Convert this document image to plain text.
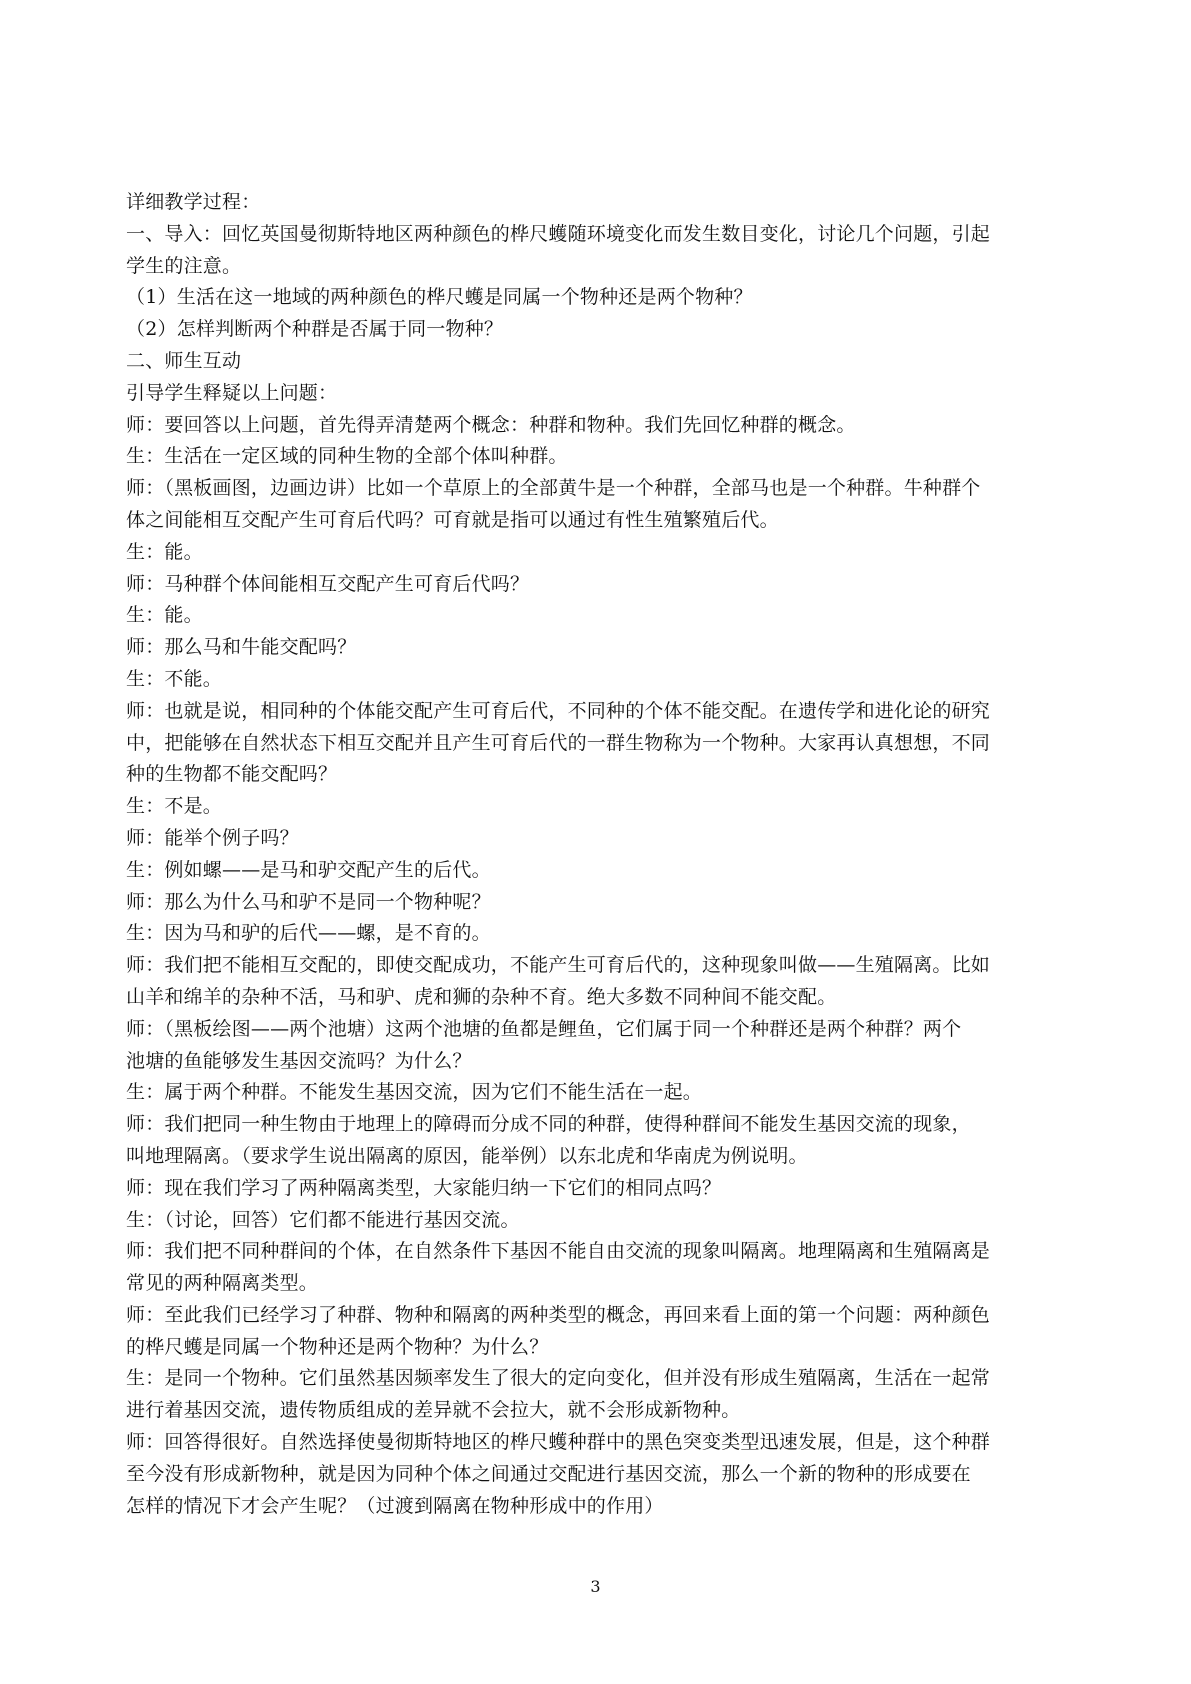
详细教学过程：
一、导入：回忆英国曼彻斯特地区两种颜色的桦尺蠖随环境变化而发生数目变化，讨论几个问题，引起
学生的注意。
（1）生活在这一地域的两种颜色的桦尺蠖是同属一个物种还是两个物种？
（2）怎样判断两个种群是否属于同一物种？
二、师生互动
引导学生释疑以上问题：
师：要回答以上问题，首先得弄清楚两个概念：种群和物种。我们先回忆种群的概念。
生：生活在一定区域的同种生物的全部个体叫种群。
师：（黑板画图，边画边讲）比如一个草原上的全部黄牛是一个种群，全部马也是一个种群。牛种群个
体之间能相互交配产生可育后代吗？可育就是指可以通过有性生殖繁殖后代。
生：能。
师：马种群个体间能相互交配产生可育后代吗？
生：能。
师：那么马和牛能交配吗？
生：不能。
师：也就是说，相同种的个体能交配产生可育后代，不同种的个体不能交配。在遗传学和进化论的研究
中，把能够在自然状态下相互交配并且产生可育后代的一群生物称为一个物种。大家再认真想想，不同
种的生物都不能交配吗？
生：不是。
师：能举个例子吗？
生：例如螺——是马和驴交配产生的后代。
师：那么为什么马和驴不是同一个物种呢？
生：因为马和驴的后代——螺，是不育的。
师：我们把不能相互交配的，即使交配成功，不能产生可育后代的，这种现象叫做——生殖隔离。比如
山羊和绵羊的杂种不活，马和驴、虎和狮的杂种不育。绝大多数不同种间不能交配。
师：（黑板绘图——两个池塘）这两个池塘的鱼都是鲤鱼，它们属于同一个种群还是两个种群？两个
池塘的鱼能够发生基因交流吗？为什么？
生：属于两个种群。不能发生基因交流，因为它们不能生活在一起。
师：我们把同一种生物由于地理上的障碍而分成不同的种群，使得种群间不能发生基因交流的现象，
叫地理隔离。（要求学生说出隔离的原因，能举例）以东北虎和华南虎为例说明。
师：现在我们学习了两种隔离类型，大家能归纳一下它们的相同点吗？
生：（讨论，回答）它们都不能进行基因交流。
师：我们把不同种群间的个体，在自然条件下基因不能自由交流的现象叫隔离。地理隔离和生殖隔离是
常见的两种隔离类型。
师：至此我们已经学习了种群、物种和隔离的两种类型的概念，再回来看上面的第一个问题：两种颜色
的桦尺蠖是同属一个物种还是两个物种？为什么？
生：是同一个物种。它们虽然基因频率发生了很大的定向变化，但并没有形成生殖隔离，生活在一起常
进行着基因交流，遗传物质组成的差异就不会拉大，就不会形成新物种。
师：回答得很好。自然选择使曼彻斯特地区的桦尺蠖种群中的黑色突变类型迅速发展，但是，这个种群
至今没有形成新物种，就是因为同种个体之间通过交配进行基因交流，那么一个新的物种的形成要在
怎样的情况下才会产生呢？（过渡到隔离在物种形成中的作用）
3
